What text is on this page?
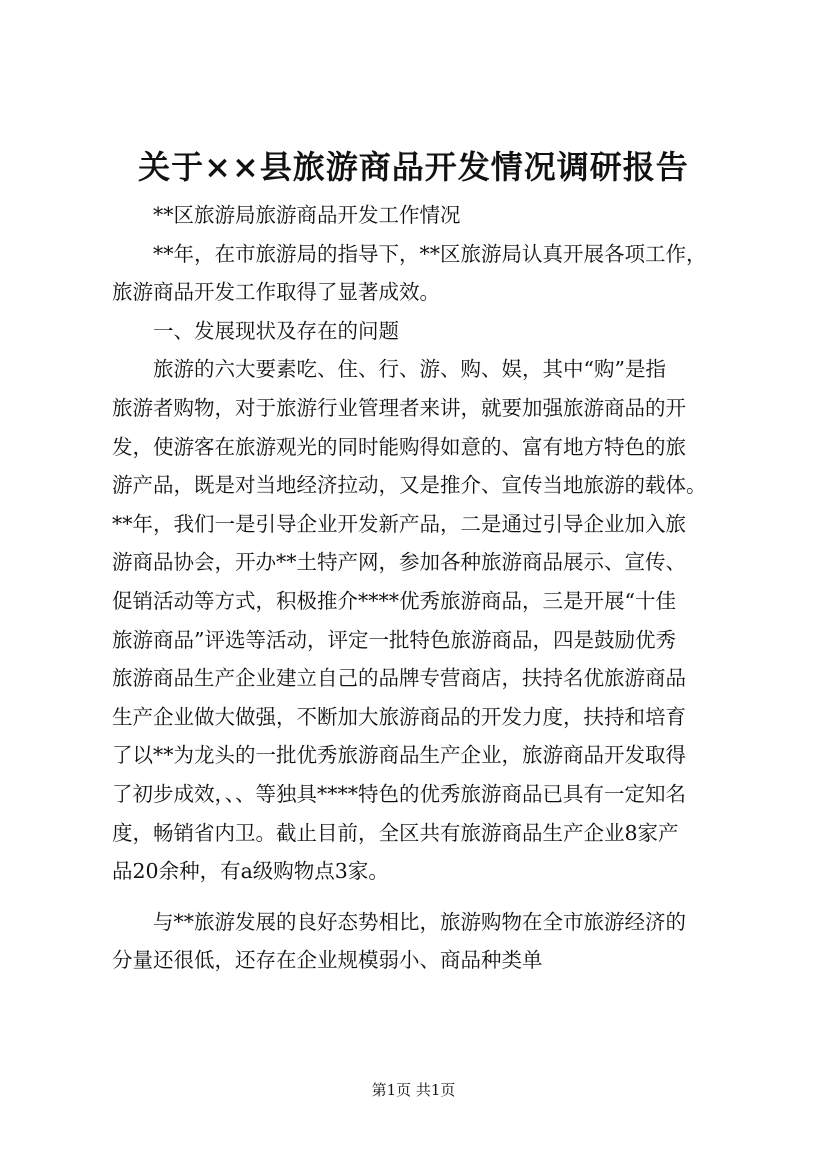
关于××县旅游商品开发情况调研报告
　　**区旅游局旅游商品开发工作情况
　　**年，在市旅游局的指导下，**区旅游局认真开展各项工作，
旅游商品开发工作取得了显著成效。
　　一、发展现状及存在的问题
　　旅游的六大要素吃、住、行、游、购、娱，其中“购”是指
旅游者购物，对于旅游行业管理者来讲，就要加强旅游商品的开
发，使游客在旅游观光的同时能购得如意的、富有地方特色的旅
游产品，既是对当地经济拉动，又是推介、宣传当地旅游的载体。
**年，我们一是引导企业开发新产品，二是通过引导企业加入旅
游商品协会，开办**土特产网，参加各种旅游商品展示、宣传、
促销活动等方式，积极推介****优秀旅游商品，三是开展“十佳
旅游商品”评选等活动，评定一批特色旅游商品，四是鼓励优秀
旅游商品生产企业建立自己的品牌专营商店，扶持名优旅游商品
生产企业做大做强，不断加大旅游商品的开发力度，扶持和培育
了以**为龙头的一批优秀旅游商品生产企业，旅游商品开发取得
了初步成效，、、等独具****特色的优秀旅游商品已具有一定知名
度，畅销省内卫。截止目前，全区共有旅游商品生产企业8家产
品20余种，有a级购物点3家。
　　与**旅游发展的良好态势相比，旅游购物在全市旅游经济的
分量还很低，还存在企业规模弱小、商品种类单
第1页 共1页
